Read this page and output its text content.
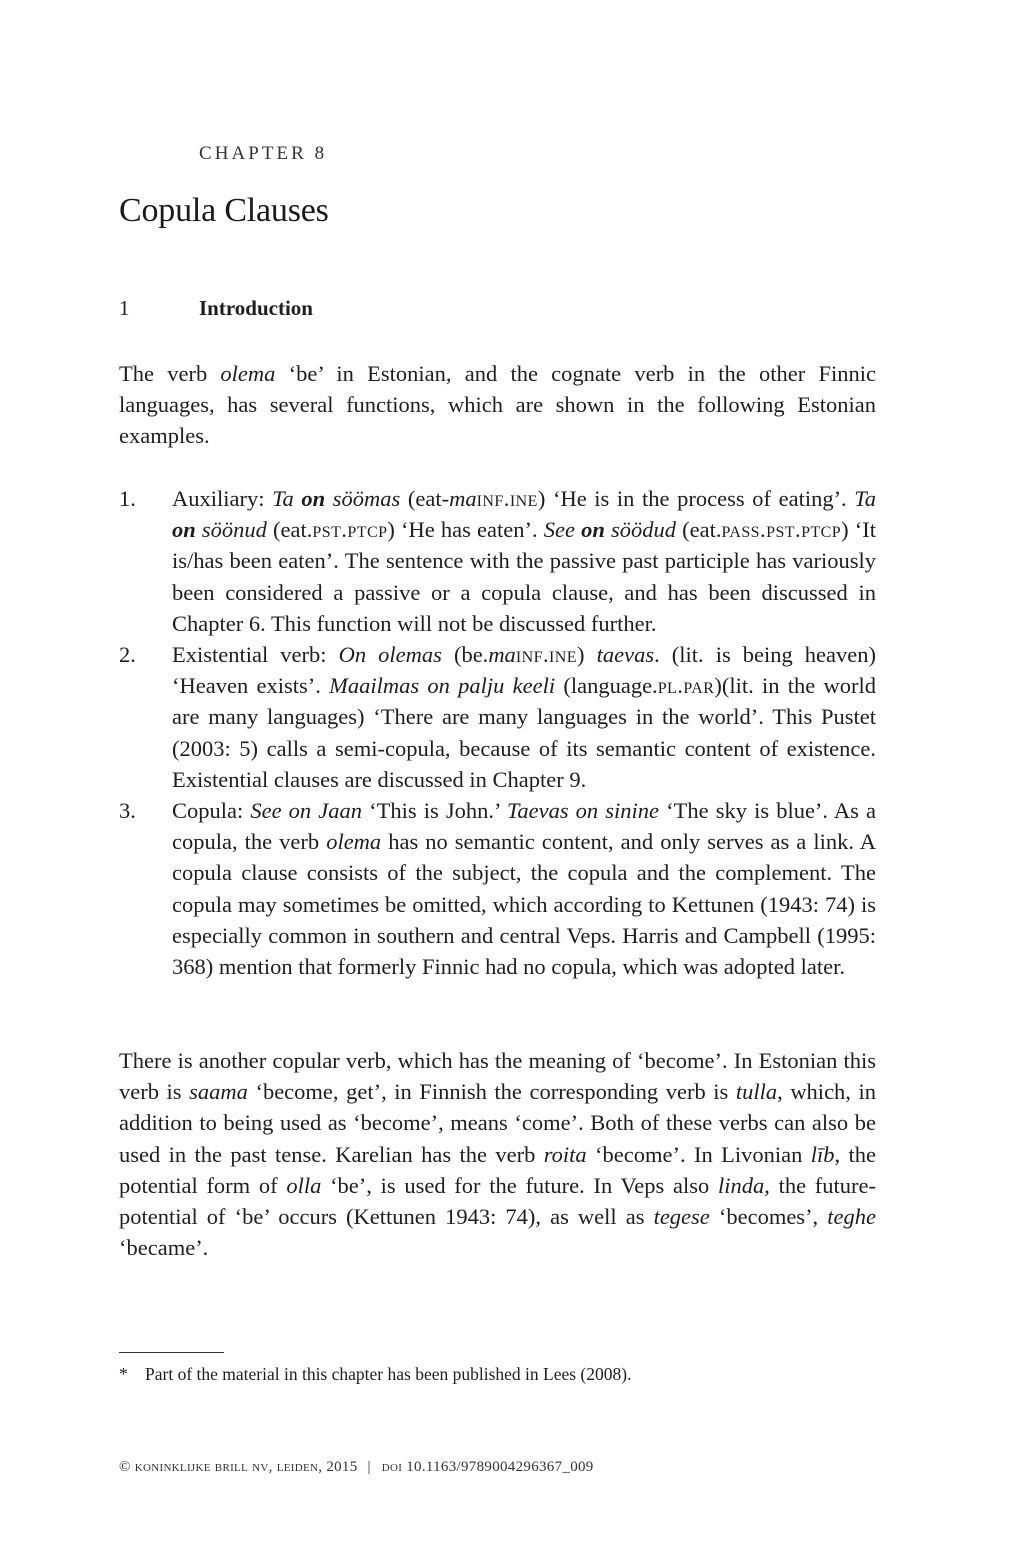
CHAPTER 8
Copula Clauses
1	Introduction

The verb olema ‘be’ in Estonian, and the cognate verb in the other Finnic languages, has several functions, which are shown in the following Estonian examples.

1. Auxiliary: Ta on söömas (eat-mainf.ine) ‘He is in the process of eating’. Ta on söönud (eat.pst.ptcp) ‘He has eaten’. See on söödud (eat.pass.pst.ptcp) ‘It is/has been eaten’. The sentence with the passive past participle has variously been considered a passive or a copula clause, and has been discussed in Chapter 6. This function will not be discussed further.
2. Existential verb: On olemas (be.mainf.ine) taevas. (lit. is being heaven) ‘Heaven exists’. Maailmas on palju keeli (language.pl.par)(lit. in the world are many languages) ‘There are many languages in the world’. This Pustet (2003: 5) calls a semi-copula, because of its semantic content of existence. Existential clauses are discussed in Chapter 9.
3. Copula: See on Jaan ‘This is John.’ Taevas on sinine ‘The sky is blue’. As a copula, the verb olema has no semantic content, and only serves as a link. A copula clause consists of the subject, the copula and the complement. The copula may sometimes be omitted, which according to Kettunen (1943: 74) is especially common in southern and central Veps. Harris and Campbell (1995: 368) mention that formerly Finnic had no copula, which was adopted later.

There is another copular verb, which has the meaning of ‘become’. In Estonian this verb is saama ‘become, get’, in Finnish the corresponding verb is tulla, which, in addition to being used as ‘become’, means ‘come’. Both of these verbs can also be used in the past tense. Karelian has the verb roita ‘become’. In Livonian līb, the potential form of olla ‘be’, is used for the future. In Veps also linda, the future-potential of ‘be’ occurs (Kettunen 1943: 74), as well as tegese ‘becomes’, teghe ‘became’.

* Part of the material in this chapter has been published in Lees (2008).
© koninklijke brill nv, leiden, 2015 | doi 10.1163/9789004296367_009
